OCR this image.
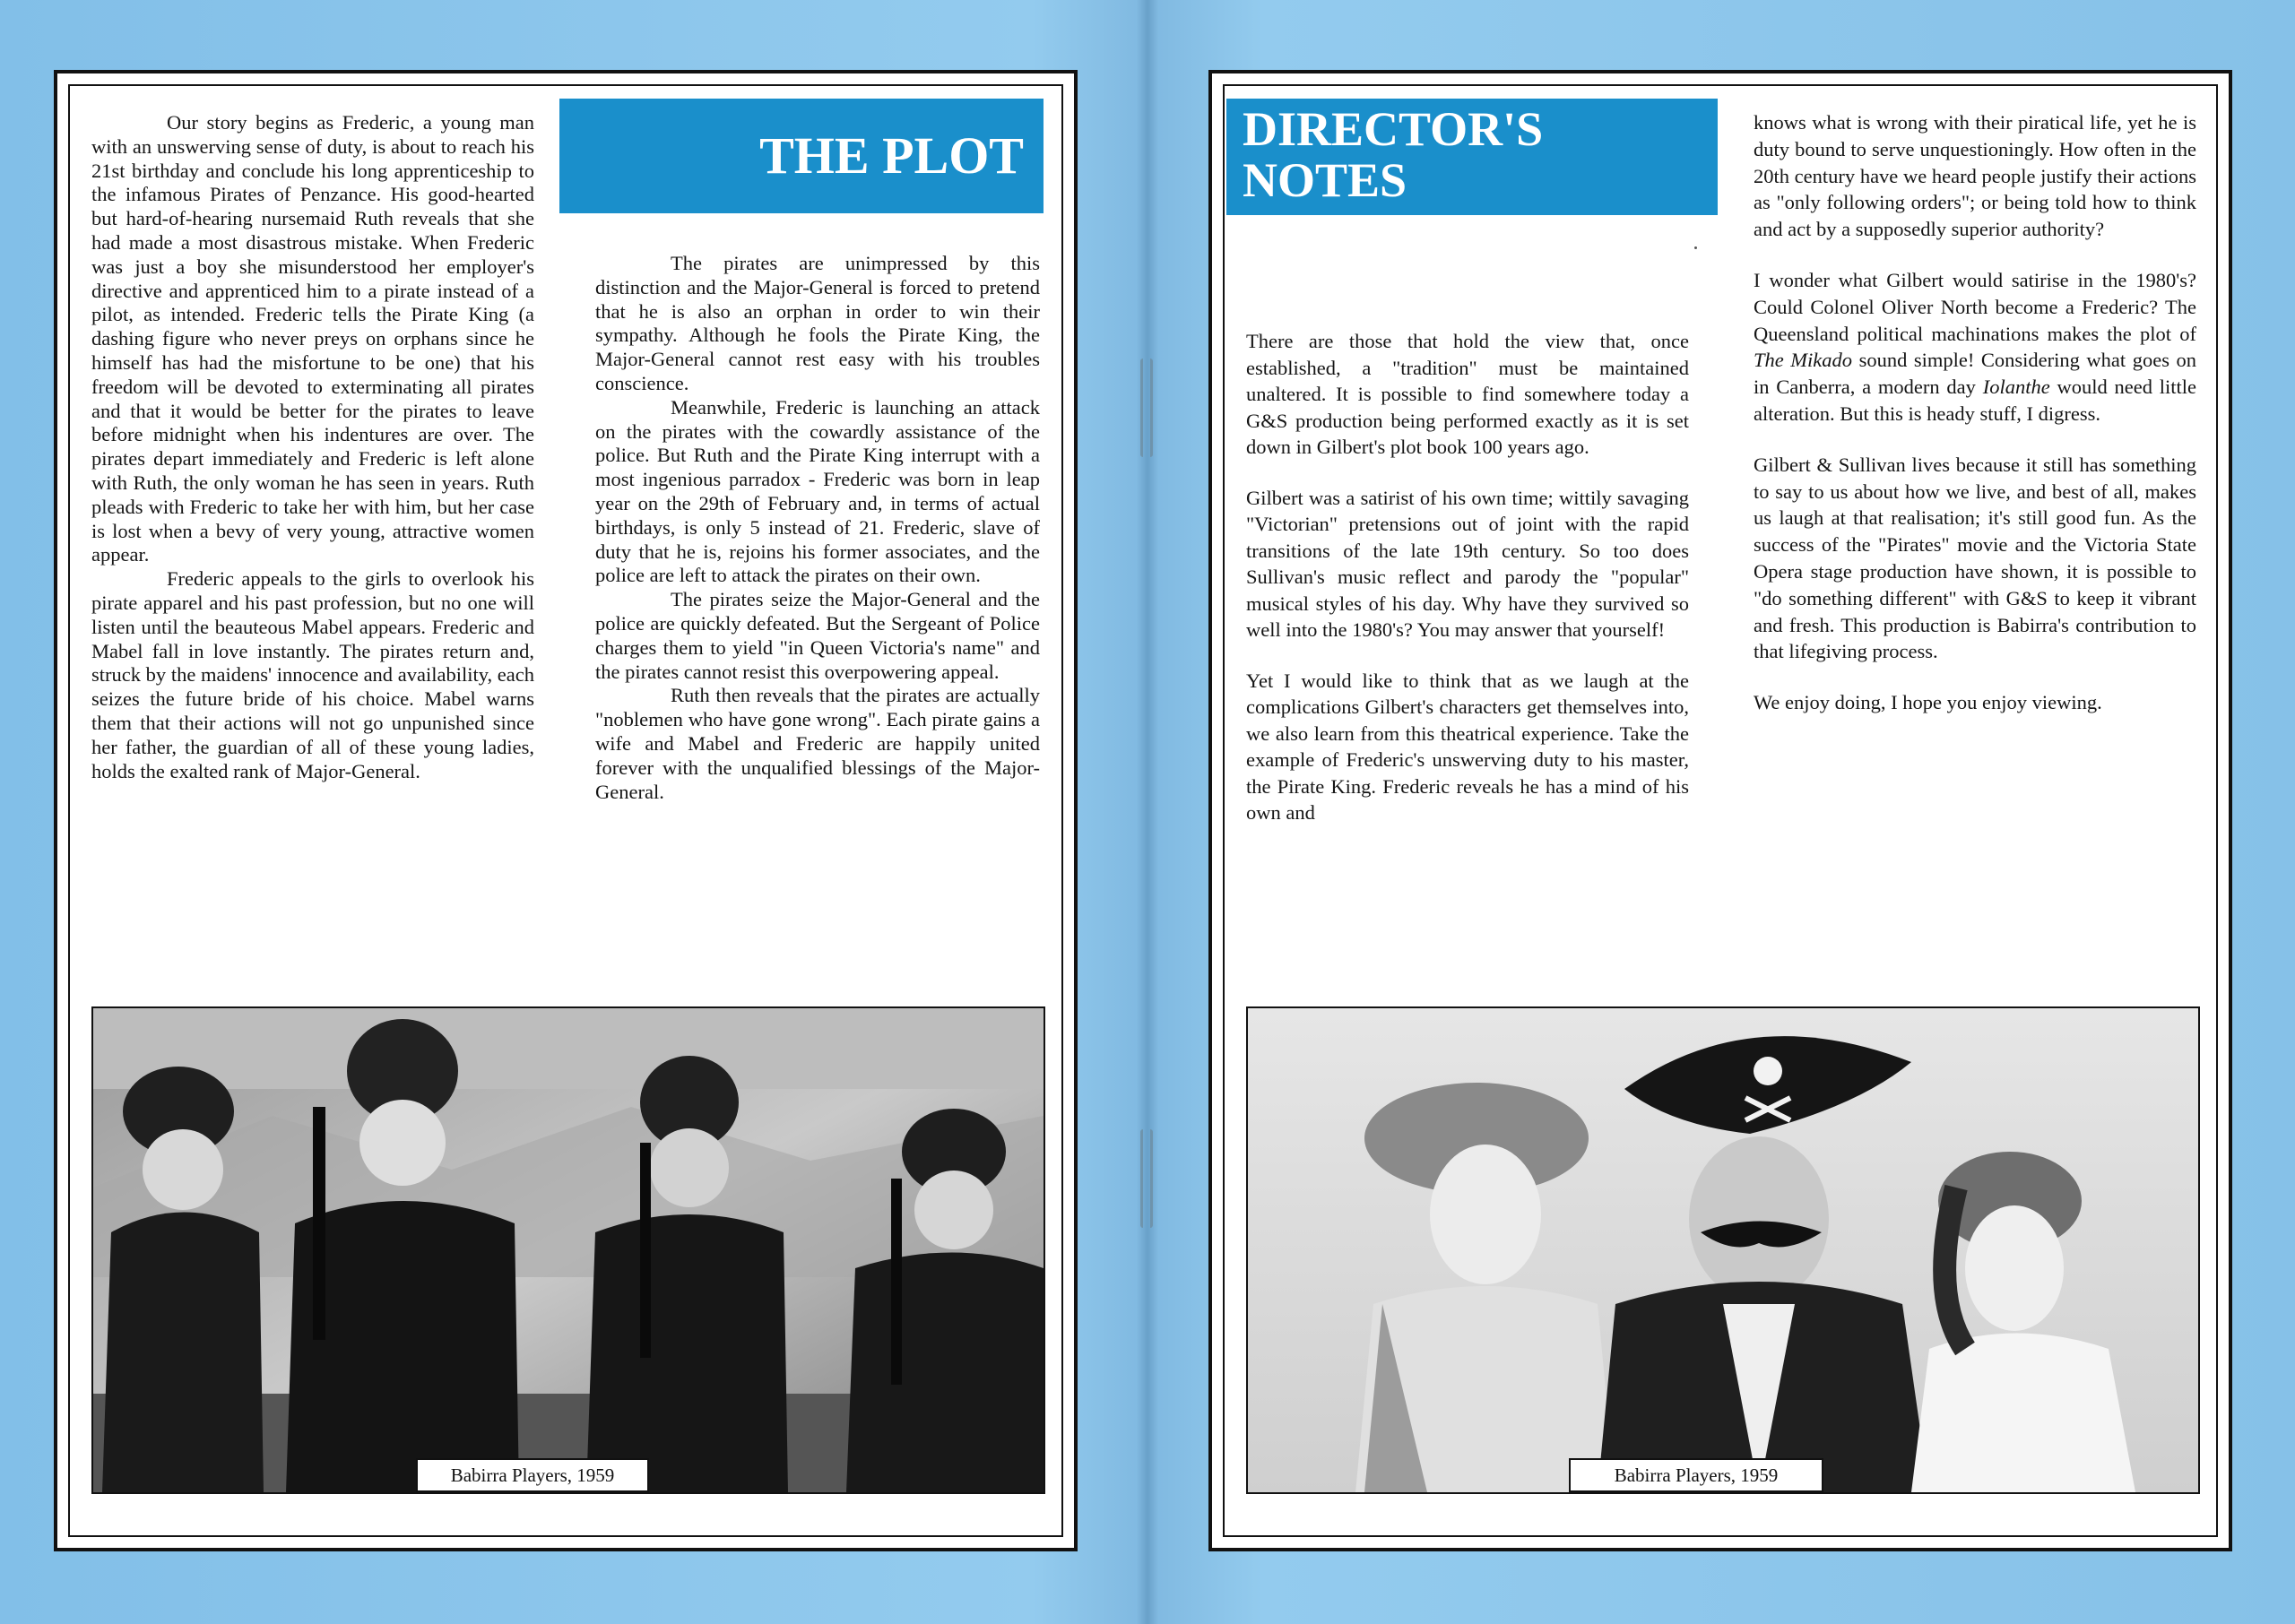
Our story begins as Frederic, a young man with an unswerving sense of duty, is about to reach his 21st birthday and conclude his long apprenticeship to the infamous Pirates of Penzance. His good-hearted but hard-of-hearing nursemaid Ruth reveals that she had made a most disastrous mistake. When Frederic was just a boy she misunderstood her employer's directive and apprenticed him to a pirate instead of a pilot, as intended. Frederic tells the Pirate King (a dashing figure who never preys on orphans since he himself has had the misfortune to be one) that his freedom will be devoted to exterminating all pirates and that it would be better for the pirates to leave before midnight when his indentures are over. The pirates depart immediately and Frederic is left alone with Ruth, the only woman he has seen in years. Ruth pleads with Frederic to take her with him, but her case is lost when a bevy of very young, attractive women appear.

Frederic appeals to the girls to overlook his pirate apparel and his past profession, but no one will listen until the beauteous Mabel appears. Frederic and Mabel fall in love instantly. The pirates return and, struck by the maidens' innocence and availability, each seizes the future bride of his choice. Mabel warns them that their actions will not go unpunished since her father, the guardian of all of these young ladies, holds the exalted rank of Major-General.

THE PLOT

The pirates are unimpressed by this distinction and the Major-General is forced to pretend that he is also an orphan in order to win their sympathy. Although he fools the Pirate King, the Major-General cannot rest easy with his troubles conscience.

Meanwhile, Frederic is launching an attack on the pirates with the cowardly assistance of the police. But Ruth and the Pirate King interrupt with a most ingenious parradox - Frederic was born in leap year on the 29th of February and, in terms of actual birthdays, is only 5 instead of 21. Frederic, slave of duty that he is, rejoins his former associates, and the police are left to attack the pirates on their own.

The pirates seize the Major-General and the police are quickly defeated. But the Sergeant of Police charges them to yield "in Queen Victoria's name" and the pirates cannot resist this overpowering appeal.

Ruth then reveals that the pirates are actually "noblemen who have gone wrong". Each pirate gains a wife and Mabel and Frederic are happily united forever with the unqualified blessings of the Major-General.

Babirra Players, 1959
DIRECTOR'S
NOTES

There are those that hold the view that, once established, a "tradition" must be maintained unaltered. It is possible to find somewhere today a G&S production being performed exactly as it is set down in Gilbert's plot book 100 years ago.

Gilbert was a satirist of his own time; wittily savaging "Victorian" pretensions out of joint with the rapid transitions of the late 19th century. So too does Sullivan's music reflect and parody the "popular" musical styles of his day. Why have they survived so well into the 1980's? You may answer that yourself!

Yet I would like to think that as we laugh at the complications Gilbert's characters get themselves into, we also learn from this theatrical experience. Take the example of Frederic's unswerving duty to his master, the Pirate King. Frederic reveals he has a mind of his own and

knows what is wrong with their piratical life, yet he is duty bound to serve unquestioningly. How often in the 20th century have we heard people justify their actions as "only following orders"; or being told how to think and act by a supposedly superior authority?

I wonder what Gilbert would satirise in the 1980's? Could Colonel Oliver North become a Frederic? The Queensland political machinations makes the plot of The Mikado sound simple! Considering what goes on in Canberra, a modern day Iolanthe would need little alteration. But this is heady stuff, I digress.

Gilbert & Sullivan lives because it still has something to say to us about how we live, and best of all, makes us laugh at that realisation; it's still good fun. As the success of the "Pirates" movie and the Victoria State Opera stage production have shown, it is possible to "do something different" with G&S to keep it vibrant and fresh. This production is Babirra's contribution to that lifegiving process.

We enjoy doing, I hope you enjoy viewing.

Babirra Players, 1959
